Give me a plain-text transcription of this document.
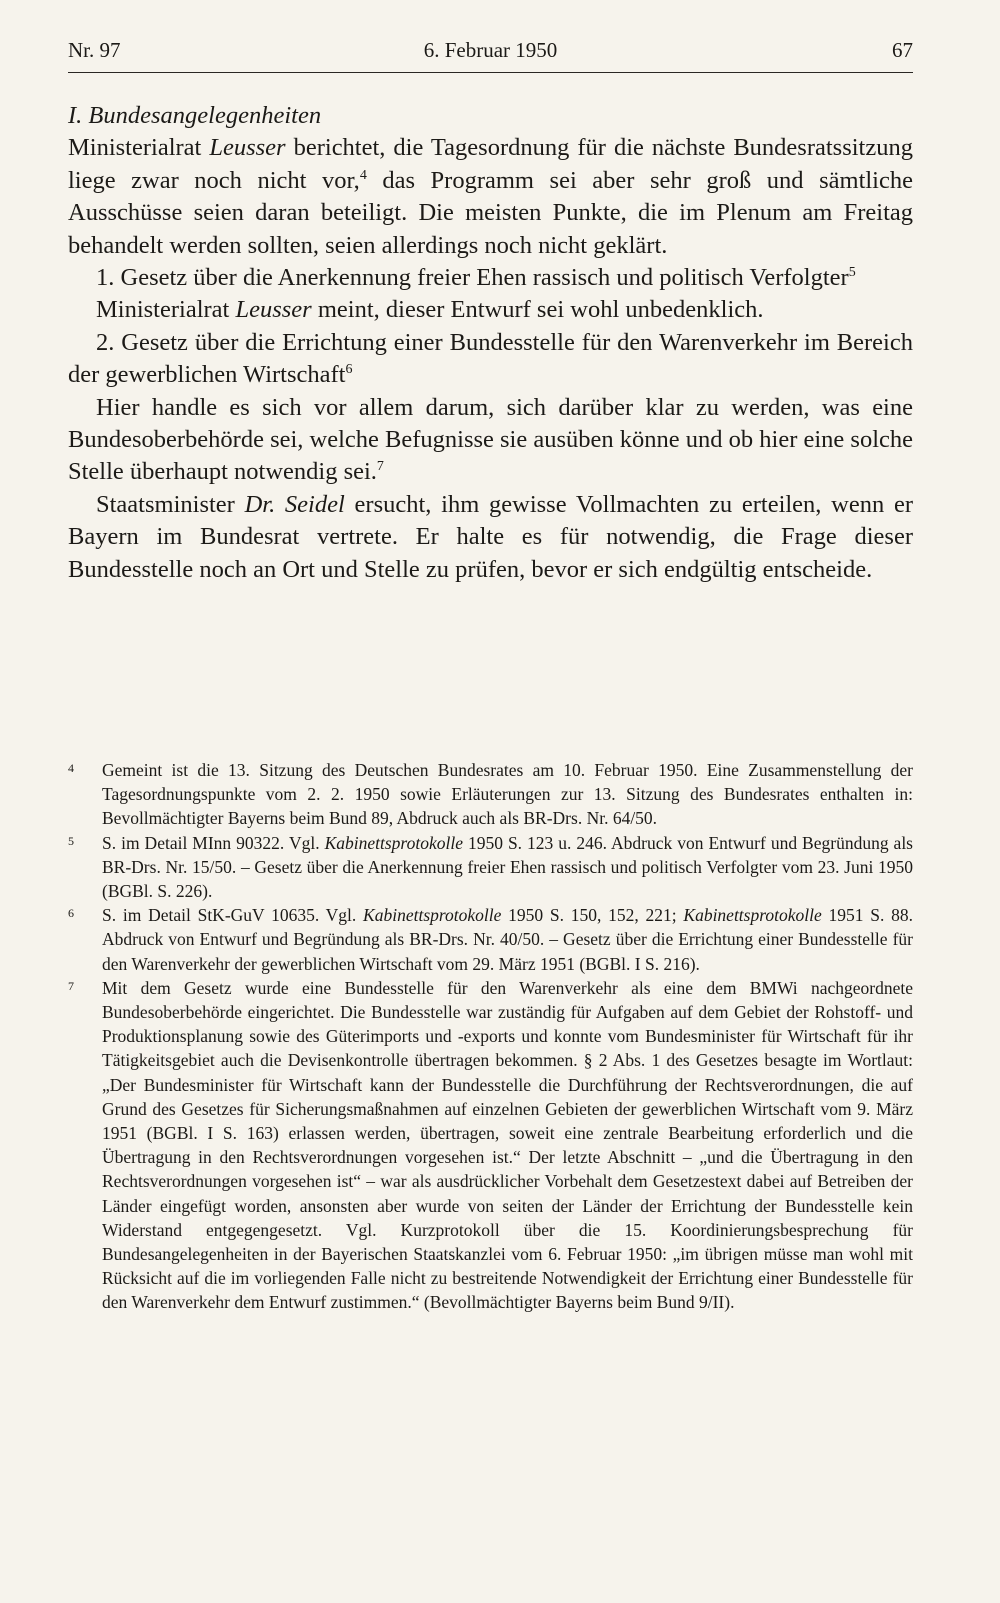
Nr. 97	6. Februar 1950	67

I. Bundesangelegenheiten

Ministerialrat Leusser berichtet, die Tagesordnung für die nächste Bundesratssitzung liege zwar noch nicht vor,$^4$ das Programm sei aber sehr groß und sämtliche Ausschüsse seien daran beteiligt. Die meisten Punkte, die im Plenum am Freitag behandelt werden sollten, seien allerdings noch nicht geklärt.

1. Gesetz über die Anerkennung freier Ehen rassisch und politisch Verfolgter$^5$

Ministerialrat Leusser meint, dieser Entwurf sei wohl unbedenklich.

2. Gesetz über die Errichtung einer Bundesstelle für den Warenverkehr im Bereich der gewerblichen Wirtschaft$^6$

Hier handle es sich vor allem darum, sich darüber klar zu werden, was eine Bundesoberbehörde sei, welche Befugnisse sie ausüben könne und ob hier eine solche Stelle überhaupt notwendig sei.$^7$

Staatsminister Dr. Seidel ersucht, ihm gewisse Vollmachten zu erteilen, wenn er Bayern im Bundesrat vertrete. Er halte es für notwendig, die Frage dieser Bundesstelle noch an Ort und Stelle zu prüfen, bevor er sich endgültig entscheide.

4 Gemeint ist die 13. Sitzung des Deutschen Bundesrates am 10. Februar 1950. Eine Zusammenstellung der Tagesordnungspunkte vom 2. 2. 1950 sowie Erläuterungen zur 13. Sitzung des Bundesrates enthalten in: Bevollmächtigter Bayerns beim Bund 89, Abdruck auch als BR-Drs. Nr. 64/50.

5 S. im Detail MInn 90322. Vgl. Kabinettsprotokolle 1950 S. 123 u. 246. Abdruck von Entwurf und Begründung als BR-Drs. Nr. 15/50. – Gesetz über die Anerkennung freier Ehen rassisch und politisch Verfolgter vom 23. Juni 1950 (BGBl. S. 226).

6 S. im Detail StK-GuV 10635. Vgl. Kabinettsprotokolle 1950 S. 150, 152, 221; Kabinettsprotokolle 1951 S. 88. Abdruck von Entwurf und Begründung als BR-Drs. Nr. 40/50. – Gesetz über die Errichtung einer Bundesstelle für den Warenverkehr der gewerblichen Wirtschaft vom 29. März 1951 (BGBl. I S. 216).

7 Mit dem Gesetz wurde eine Bundesstelle für den Warenverkehr als eine dem BMWi nachgeordnete Bundesoberbehörde eingerichtet. Die Bundesstelle war zuständig für Aufgaben auf dem Gebiet der Rohstoff- und Produktionsplanung sowie des Güterimports und -exports und konnte vom Bundesminister für Wirtschaft für ihr Tätigkeitsgebiet auch die Devisenkontrolle übertragen bekommen. § 2 Abs. 1 des Gesetzes besagte im Wortlaut: „Der Bundesminister für Wirtschaft kann der Bundesstelle die Durchführung der Rechtsverordnungen, die auf Grund des Gesetzes für Sicherungsmaßnahmen auf einzelnen Gebieten der gewerblichen Wirtschaft vom 9. März 1951 (BGBl. I S. 163) erlassen werden, übertragen, soweit eine zentrale Bearbeitung erforderlich und die Übertragung in den Rechtsverordnungen vorgesehen ist.“ Der letzte Abschnitt – „und die Übertragung in den Rechtsverordnungen vorgesehen ist“ – war als ausdrücklicher Vorbehalt dem Gesetzestext dabei auf Betreiben der Länder eingefügt worden, ansonsten aber wurde von seiten der Länder der Errichtung der Bundesstelle kein Widerstand entgegengesetzt. Vgl. Kurzprotokoll über die 15. Koordinierungsbesprechung für Bundesangelegenheiten in der Bayerischen Staatskanzlei vom 6. Februar 1950: „im übrigen müsse man wohl mit Rücksicht auf die im vorliegenden Falle nicht zu bestreitende Notwendigkeit der Errichtung einer Bundesstelle für den Warenverkehr dem Entwurf zustimmen.“ (Bevollmächtigter Bayerns beim Bund 9/II).
